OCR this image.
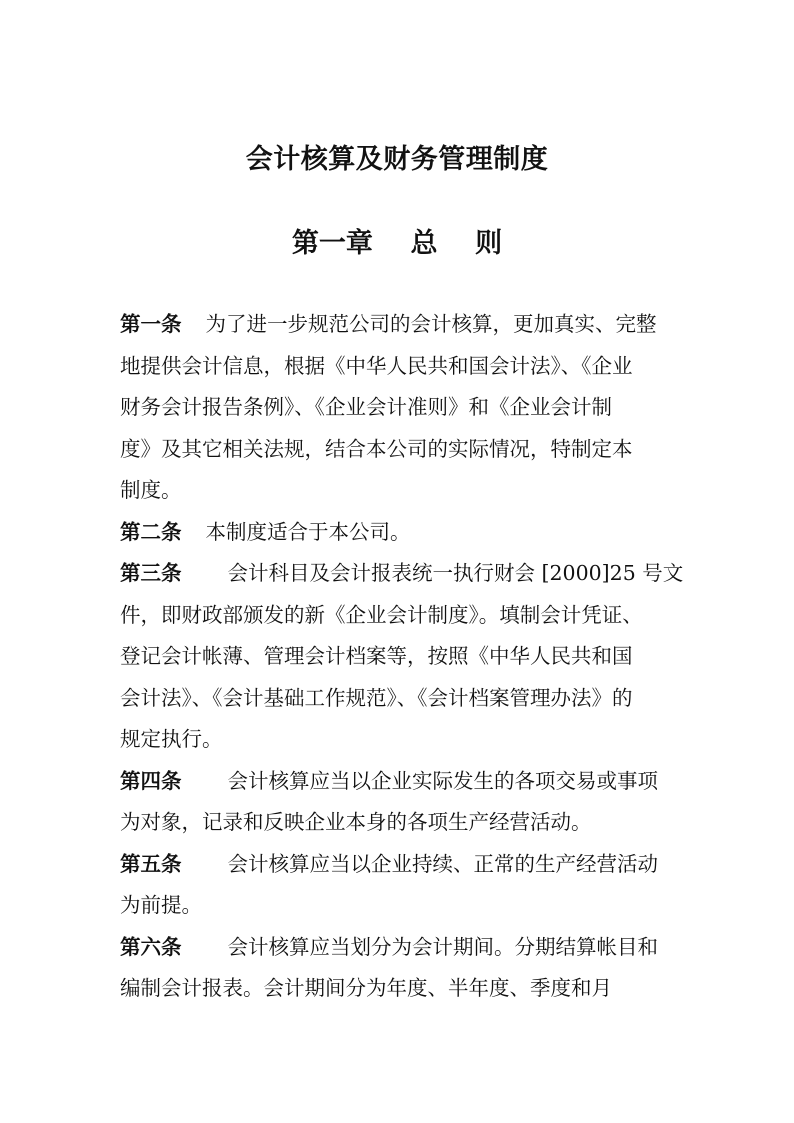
会计核算及财务管理制度
第一章    总    则
第一条 为了进一步规范公司的会计核算，更加真实、完整
地提供会计信息，根据《中华人民共和国会计法》、《企业
财务会计报告条例》、《企业会计准则》和《企业会计制
度》及其它相关法规，结合本公司的实际情况，特制定本
制度。
第二条 本制度适合于本公司。
第三条 会计科目及会计报表统一执行财会 [2000]25 号文
件，即财政部颁发的新《企业会计制度》。填制会计凭证、
登记会计帐薄、管理会计档案等，按照《中华人民共和国
会计法》、《会计基础工作规范》、《会计档案管理办法》的
规定执行。
第四条 会计核算应当以企业实际发生的各项交易或事项
为对象，记录和反映企业本身的各项生产经营活动。
第五条 会计核算应当以企业持续、正常的生产经营活动
为前提。
第六条 会计核算应当划分为会计期间。分期结算帐目和
编制会计报表。会计期间分为年度、半年度、季度和月
